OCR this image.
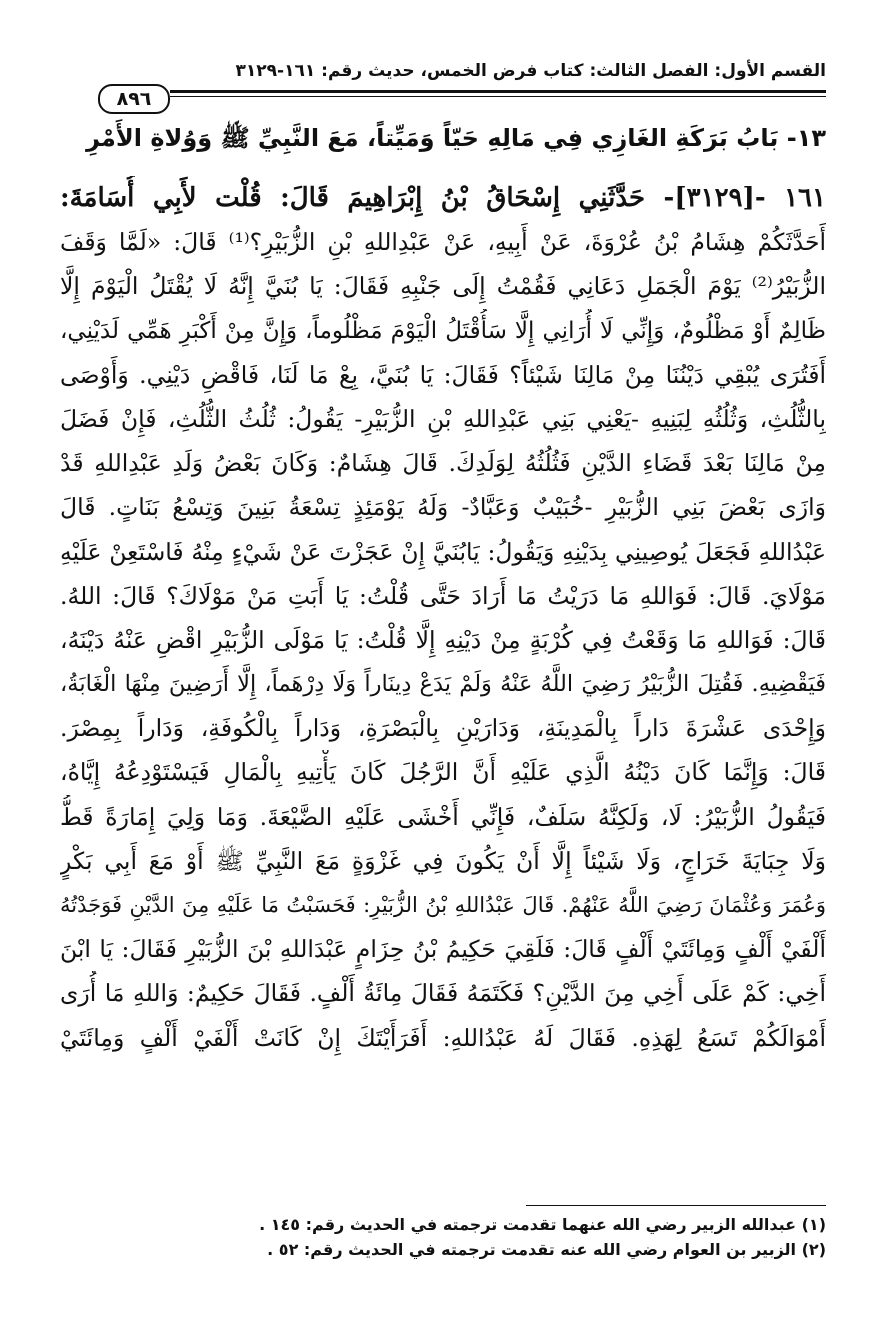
القسم الأول: الفصل الثالث: كتاب فرض الخمس، حديث رقم: ١٦١-٣١٢٩
٨٩٦
١٣- بَابُ بَرَكَةِ الغَازِي فِي مَالِهِ حَيّاً وَمَيِّتاً، مَعَ النَّبِيِّ ﷺ وَوُلاةِ الأَمْرِ
١٦١ -[٣١٢٩]- حَدَّثَنِي إِسْحَاقُ بْنُ إِبْرَاهِيمَ قَالَ: قُلْت لأَبِي أُسَامَةَ:
أَحَدَّثَكُمْ هِشَامُ بْنُ عُرْوَةَ، عَنْ أَبِيهِ، عَنْ عَبْدِاللهِ بْنِ الزُّبَيْرِ؟⁽¹⁾ قَالَ: «لَمَّا وَقَفَ
الزُّبَيْرُ⁽²⁾ يَوْمَ الْجَمَلِ دَعَانِي فَقُمْتُ إِلَى جَنْبِهِ فَقَالَ: يَا بُنَيَّ إِنَّهُ لَا يُقْتَلُ الْيَوْمَ إِلَّا
ظَالِمٌ أَوْ مَظْلُومٌ، وَإِنِّي لَا أُرَانِي إِلَّا سَأُقْتَلُ الْيَوْمَ مَظْلُوماً، وَإِنَّ مِنْ أَكْبَرِ هَمِّي لَدَيْنِي،
أَفَتُرَى يُبْقِي دَيْنُنَا مِنْ مَالِنَا شَيْئاً؟ فَقَالَ: يَا بُنَيَّ، بِعْ مَا لَنَا، فَاقْضِ دَيْنِي. وَأَوْصَى
بِالثُّلُثِ، وَثُلُثُهِ لِبَنِيهِ -يَعْنِي بَنِي عَبْدِاللهِ بْنِ الزُّبَيْرِ- يَقُولُ: ثُلُثُ الثُّلُثِ، فَإِنْ فَضَلَ
مِنْ مَالِنَا بَعْدَ قَضَاءِ الدَّيْنِ فَثُلُثُهُ لِوَلَدِكَ. قَالَ هِشَامٌ: وَكَانَ بَعْضُ وَلَدِ عَبْدِاللهِ قَدْ
وَازَى بَعْضَ بَنِي الزُّبَيْرِ -خُبَيْبٌ وَعَبَّادٌ- وَلَهُ يَوْمَئِذٍ تِسْعَةُ بَنِينَ وَتِسْعُ بَنَاتٍ. قَالَ
عَبْدُاللهِ فَجَعَلَ يُوصِينِي بِدَيْنِهِ وَيَقُولُ: يَابُنَيَّ إِنْ عَجَزْتَ عَنْ شَيْءٍ مِنْهُ فَاسْتَعِنْ عَلَيْهِ
مَوْلَايَ. قَالَ: فَوَاللهِ مَا دَرَيْتُ مَا أَرَادَ حَتَّى قُلْتُ: يَا أَبَتِ مَنْ مَوْلَاكَ؟ قَالَ: اللهُ.
قَالَ: فَوَاللهِ مَا وَقَعْتُ فِي كُرْبَةٍ مِنْ دَيْنِهِ إِلَّا قُلْتُ: يَا مَوْلَى الزُّبَيْرِ اقْضِ عَنْهُ دَيْنَهُ،
فَيَقْضِيهِ. فَقُتِلَ الزُّبَيْرُ رَضِيَ اللَّهُ عَنْهُ وَلَمْ يَدَعْ دِينَاراً وَلَا دِرْهَماً، إِلَّا أَرَضِينَ مِنْهَا الْغَابَةُ،
وَإِحْدَى عَشْرَةَ دَاراً بِالْمَدِينَةِ، وَدَارَيْنِ بِالْبَصْرَةِ، وَدَاراً بِالْكُوفَةِ، وَدَاراً بِمِصْرَ.
قَالَ: وَإِنَّمَا كَانَ دَيْنُهُ الَّذِي عَلَيْهِ أَنَّ الرَّجُلَ كَانَ يَأْتِيهِ بِالْمَالِ فَيَسْتَوْدِعُهُ إِيَّاهُ،
فَيَقُولُ الزُّبَيْرُ: لَا، وَلَكِنَّهُ سَلَفٌ، فَإِنِّي أَخْشَى عَلَيْهِ الضَّيْعَةَ. وَمَا وَلِيَ إِمَارَةً قَطُّ
وَلَا جِبَايَةَ خَرَاجٍ، وَلَا شَيْئاً إِلَّا أَنْ يَكُونَ فِي غَزْوَةٍ مَعَ النَّبِيِّ ﷺ أَوْ مَعَ أَبِي بَكْرٍ
وَعُمَرَ وَعُثْمَانَ رَضِيَ اللَّهُ عَنْهُمْ. قَالَ عَبْدُاللهِ بْنُ الزُّبَيْرِ: فَحَسَبْتُ مَا عَلَيْهِ مِنَ الدَّيْنِ فَوَجَدْتُهُ
أَلْفَيْ أَلْفٍ وَمِائَتَيْ أَلْفٍ قَالَ: فَلَقِيَ حَكِيمُ بْنُ حِزَامٍ عَبْدَاللهِ بْنَ الزُّبَيْرِ فَقَالَ: يَا ابْنَ
أَخِي: كَمْ عَلَى أَخِي مِنَ الدَّيْنِ؟ فَكَتَمَهُ فَقَالَ مِائَةُ أَلْفٍ. فَقَالَ حَكِيمٌ: وَاللهِ مَا أُرَى
أَمْوَالَكُمْ تَسَعُ لِهَذِهِ. فَقَالَ لَهُ عَبْدُاللهِ: أَفَرَأَيْتَكَ إِنْ كَانَتْ أَلْفَيْ أَلْفٍ وَمِائَتَيْ
(١) عبدالله الزبير رضي الله عنهما تقدمت ترجمته في الحديث رقم: ١٤٥ .
(٢) الزبير بن العوام رضي الله عنه تقدمت ترجمته في الحديث رقم: ٥٢ .
